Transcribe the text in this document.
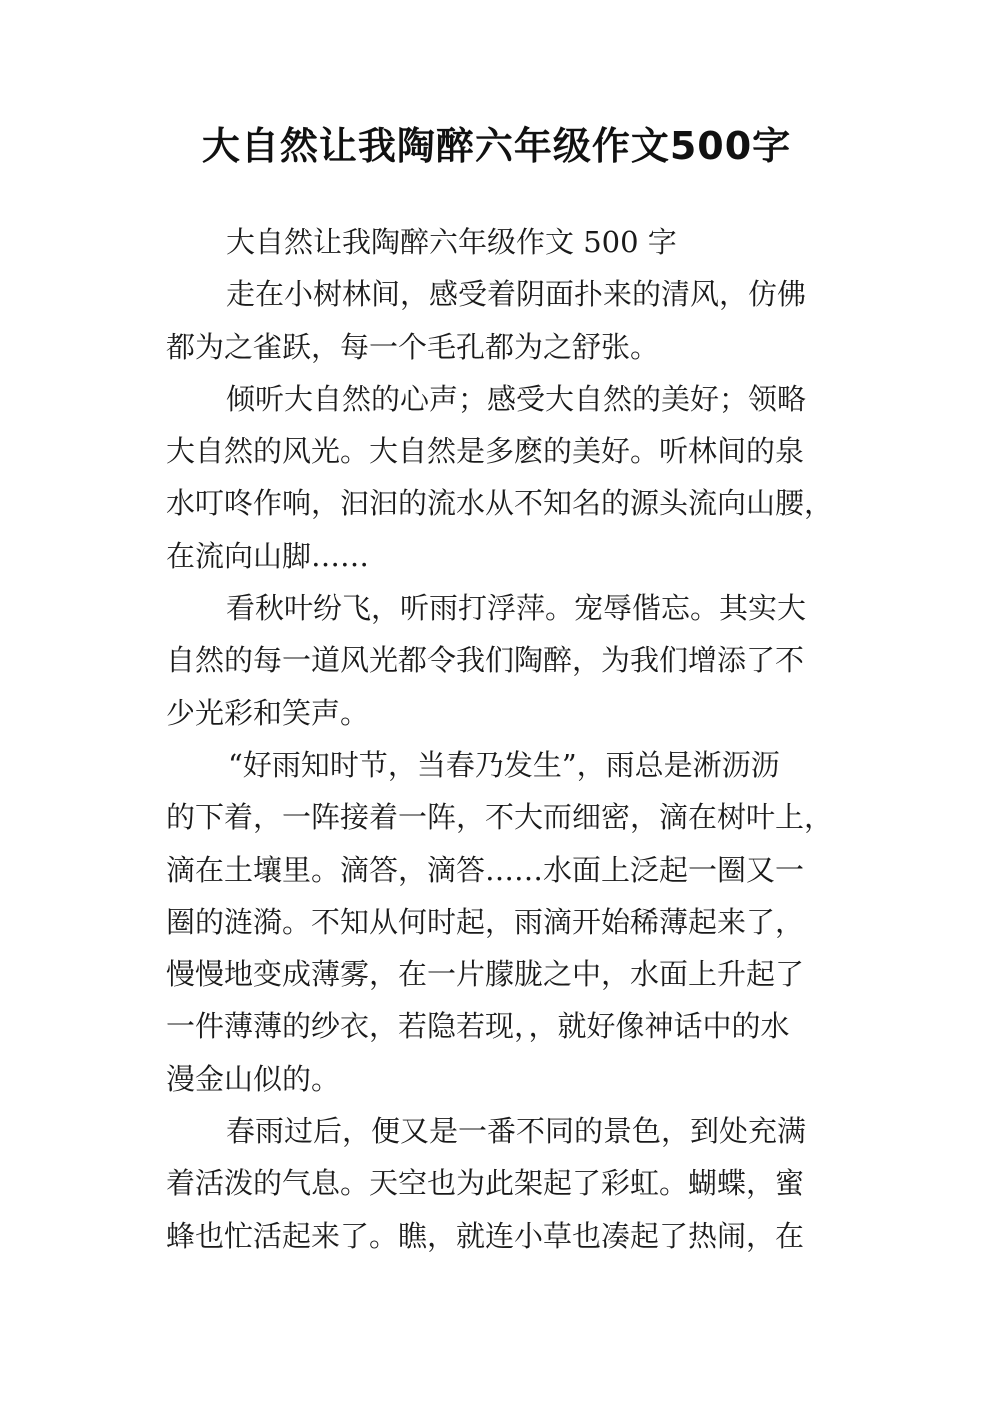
大自然让我陶醉六年级作文500字
大自然让我陶醉六年级作文 500 字
走在小树林间，感受着阴面扑来的清风，仿佛
都为之雀跃，每一个毛孔都为之舒张。
倾听大自然的心声；感受大自然的美好；领略
大自然的风光。大自然是多麽的美好。听林间的泉
水叮咚作响，汩汩的流水从不知名的源头流向山腰，
在流向山脚……
看秋叶纷飞，听雨打浮萍。宠辱偕忘。其实大
自然的每一道风光都令我们陶醉，为我们增添了不
少光彩和笑声。
“好雨知时节，当春乃发生”，雨总是淅沥沥
的下着，一阵接着一阵，不大而细密，滴在树叶上，
滴在土壤里。滴答，滴答……水面上泛起一圈又一
圈的涟漪。不知从何时起，雨滴开始稀薄起来了，
慢慢地变成薄雾，在一片朦胧之中，水面上升起了
一件薄薄的纱衣，若隐若现，，就好像神话中的水
漫金山似的。
春雨过后，便又是一番不同的景色，到处充满
着活泼的气息。天空也为此架起了彩虹。蝴蝶，蜜
蜂也忙活起来了。瞧，就连小草也凑起了热闹，在
